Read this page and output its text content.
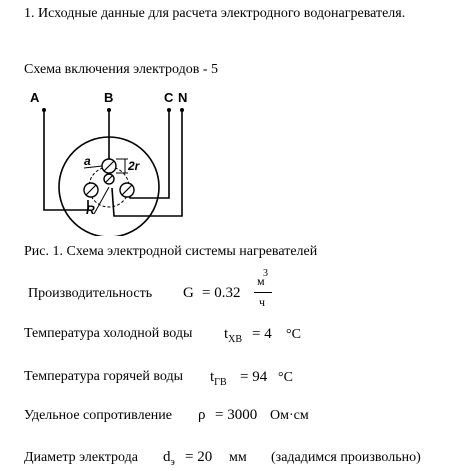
1. Исходные данные для расчета электродного водонагревателя.
Схема включения электродов - 5
A	B	C N
a	2r
R
Рис. 1. Схема электродной системы нагревателей
Производительность G = 0.32
м
3
ч
Температура холодной воды $t_{ХВ} = 4$ °C
Температура горячей воды $t_{ГВ} = 94$ °C
Удельное сопротивление ρ = 3000 Ом·см
Диаметр электрода $d_э = 20$ мм (зададимся произвольно)
